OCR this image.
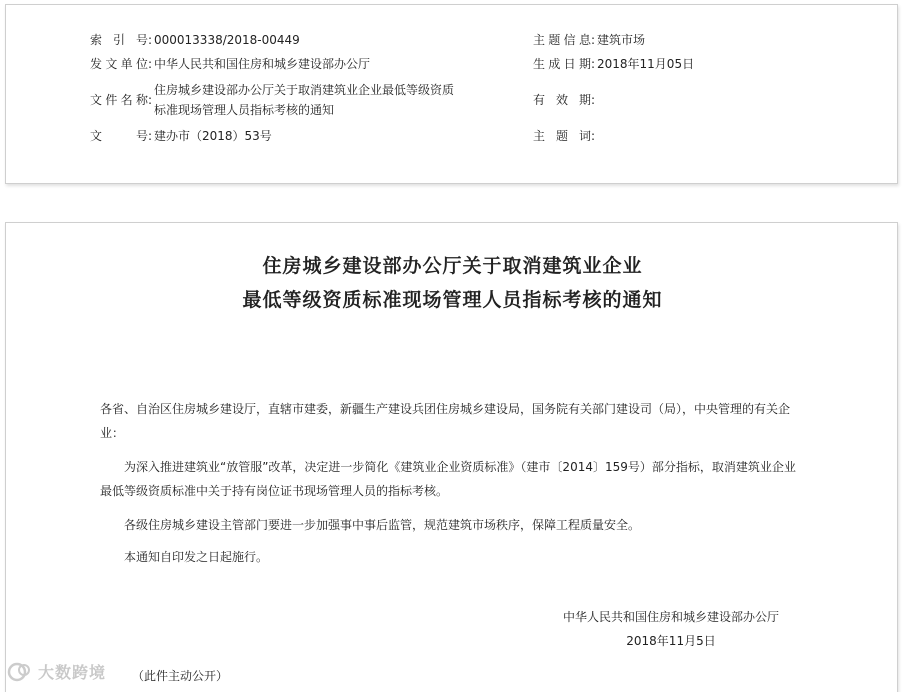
索引号 : 000013338/2018-00449
发文单位 : 中华人民共和国住房和城乡建设部办公厅
文件名称 :
住房城乡建设部办公厅关于取消建筑业企业最低等级资质标准现场管理人员指标考核的通知
文　号 : 建办市（2018）53号
主题信息 : 建筑市场
生成日期 : 2018年11月05日
有效期 :
主题词 :
住房城乡建设部办公厅关于取消建筑业企业
最低等级资质标准现场管理人员指标考核的通知
各省、自治区住房城乡建设厅，直辖市建委，新疆生产建设兵团住房城乡建设局，国务院有关部门建设司（局），中央管理的有关企业：
为深入推进建筑业“放管服”改革，决定进一步简化《建筑业企业资质标准》（建市〔2014〕159号）部分指标，取消建筑业企业最低等级资质标准中关于持有岗位证书现场管理人员的指标考核。
各级住房城乡建设主管部门要进一步加强事中事后监管，规范建筑市场秩序，保障工程质量安全。
本通知自印发之日起施行。
中华人民共和国住房和城乡建设部办公厅
2018年11月5日
（此件主动公开）
大数跨境
